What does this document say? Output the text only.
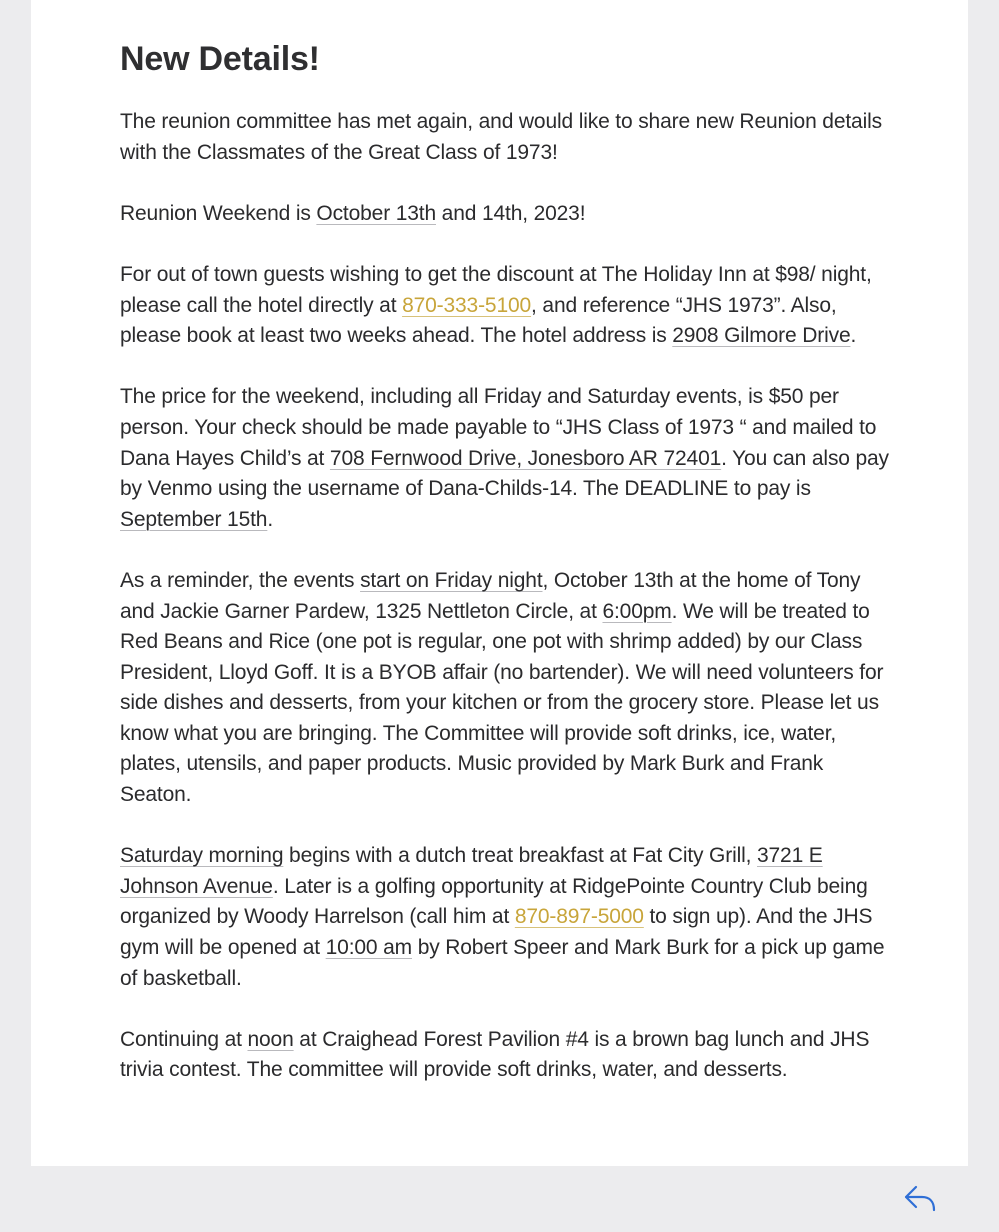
New Details!

The reunion committee has met again, and would like to share new Reunion details with the Classmates of the Great Class of 1973!

Reunion Weekend is October 13th and 14th, 2023!

For out of town guests wishing to get the discount at The Holiday Inn at $98/ night, please call the hotel directly at 870-333-5100, and reference “JHS 1973”. Also, please book at least two weeks ahead. The hotel address is 2908 Gilmore Drive.

The price for the weekend, including all Friday and Saturday events, is $50 per person. Your check should be made payable to “JHS Class of 1973 “ and mailed to Dana Hayes Child’s at 708 Fernwood Drive, Jonesboro AR 72401. You can also pay by Venmo using the username of Dana-Childs-14. The DEADLINE to pay is September 15th.

As a reminder, the events start on Friday night, October 13th at the home of Tony and Jackie Garner Pardew, 1325 Nettleton Circle, at 6:00pm. We will be treated to Red Beans and Rice (one pot is regular, one pot with shrimp added) by our Class President, Lloyd Goff. It is a BYOB affair (no bartender). We will need volunteers for side dishes and desserts, from your kitchen or from the grocery store. Please let us know what you are bringing. The Committee will provide soft drinks, ice, water, plates, utensils, and paper products. Music provided by Mark Burk and Frank Seaton.

Saturday morning begins with a dutch treat breakfast at Fat City Grill, 3721 E Johnson Avenue. Later is a golfing opportunity at RidgePointe Country Club being organized by Woody Harrelson (call him at 870-897-5000 to sign up). And the JHS gym will be opened at 10:00 am by Robert Speer and Mark Burk for a pick up game of basketball.

Continuing at noon at Craighead Forest Pavilion #4 is a brown bag lunch and JHS trivia contest. The committee will provide soft drinks, water, and desserts.
